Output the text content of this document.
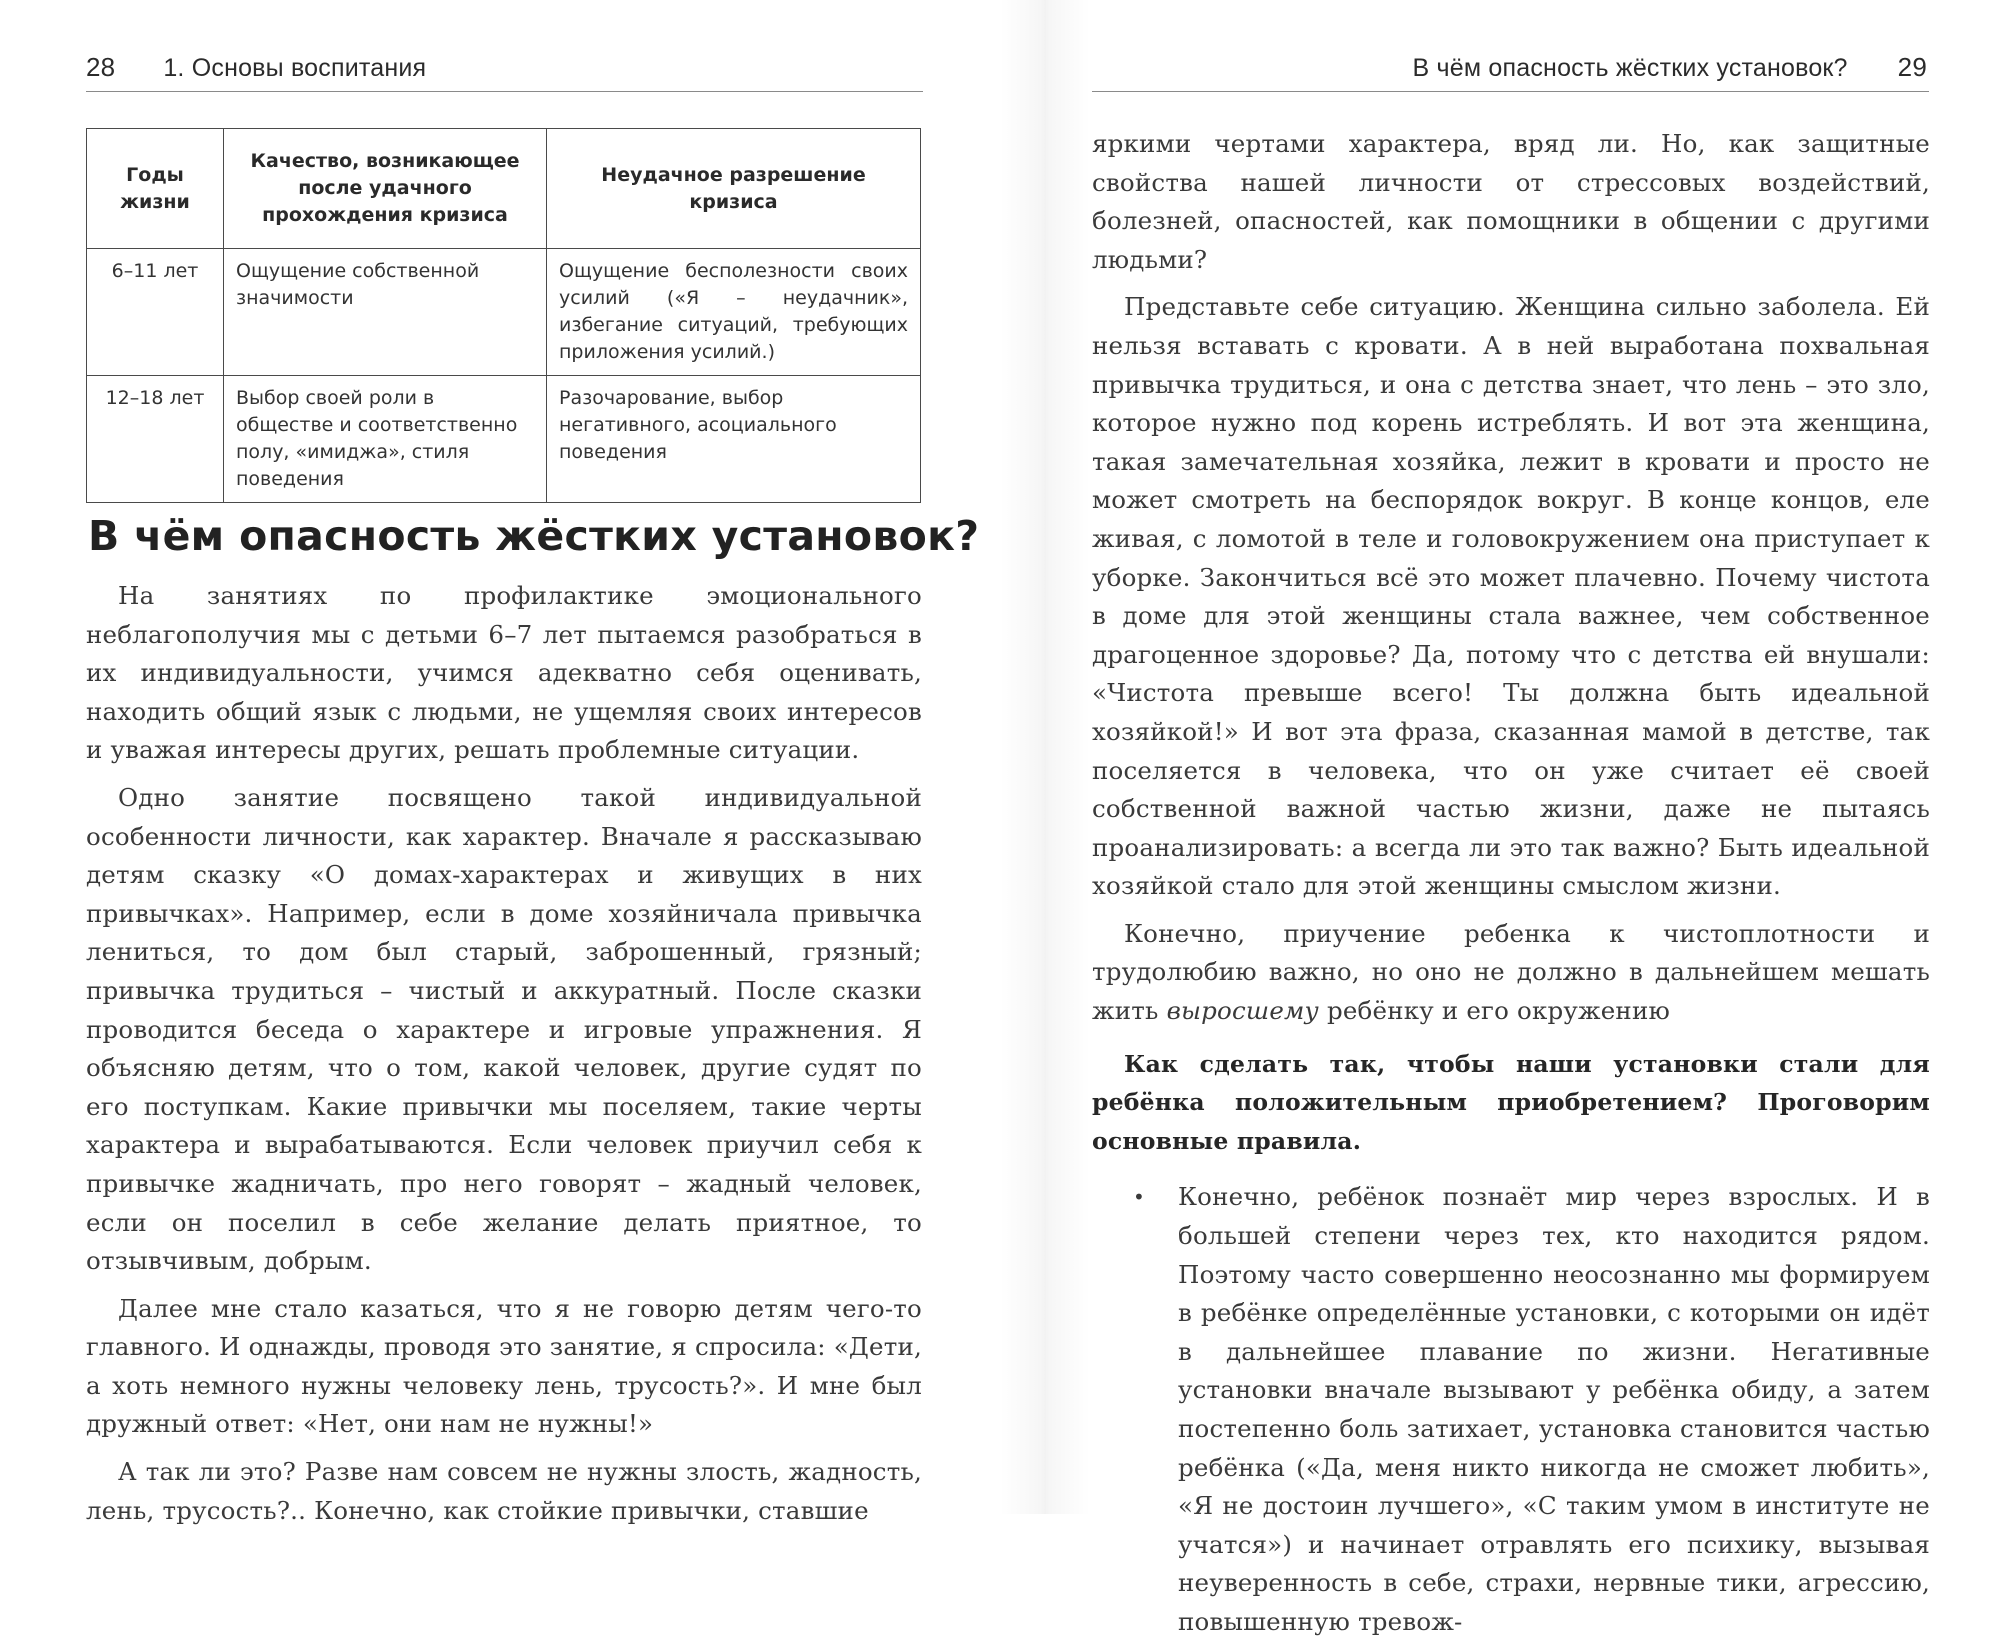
28 1. Основы воспитания
Годы жизни	Качество, возникающее после удачного прохождения кризиса	Неудачное разрешение кризиса
6–11 лет	Ощущение собственной значимости	Ощущение бесполезности своих усилий («Я – неудачник», избегание ситуаций, требующих приложения усилий.)
12–18 лет	Выбор своей роли в обществе и соответственно полу, «имиджа», стиля поведения	Разочарование, выбор негативного, асоциального поведения
В чём опасность жёстких установок?

На занятиях по профилактике эмоционального неблагополучия мы с детьми 6–7 лет пытаемся разобраться в их индивидуальности, учимся адекватно себя оценивать, находить общий язык с людьми, не ущемляя своих интересов и уважая интересы других, решать проблемные ситуации.

Одно занятие посвящено такой индивидуальной особенности личности, как характер. Вначале я рассказываю детям сказку «О домах-характерах и живущих в них привычках». Например, если в доме хозяйничала привычка лениться, то дом был старый, заброшенный, грязный; привычка трудиться – чистый и аккуратный. После сказки проводится беседа о характере и игровые упражнения. Я объясняю детям, что о том, какой человек, другие судят по его поступкам. Какие привычки мы поселяем, такие черты характера и вырабатываются. Если человек приучил себя к привычке жадничать, про него говорят – жадный человек, если он поселил в себе желание делать приятное, то отзывчивым, добрым.

Далее мне стало казаться, что я не говорю детям чего-то главного. И однажды, проводя это занятие, я спросила: «Дети, а хоть немного нужны человеку лень, трусость?». И мне был дружный ответ: «Нет, они нам не нужны!»

А так ли это? Разве нам совсем не нужны злость, жадность, лень, трусость?.. Конечно, как стойкие привычки, ставшие

В чём опасность жёстких установок? 29

яркими чертами характера, вряд ли. Но, как защитные свойства нашей личности от стрессовых воздействий, болезней, опасностей, как помощники в общении с другими людьми?

Представьте себе ситуацию. Женщина сильно заболела. Ей нельзя вставать с кровати. А в ней выработана похвальная привычка трудиться, и она с детства знает, что лень – это зло, которое нужно под корень истреблять. И вот эта женщина, такая замечательная хозяйка, лежит в кровати и просто не может смотреть на беспорядок вокруг. В конце концов, еле живая, с ломотой в теле и головокружением она приступает к уборке. Закончиться всё это может плачевно. Почему чистота в доме для этой женщины стала важнее, чем собственное драгоценное здоровье? Да, потому что с детства ей внушали: «Чистота превыше всего! Ты должна быть идеальной хозяйкой!» И вот эта фраза, сказанная мамой в детстве, так поселяется в человека, что он уже считает её своей собственной важной частью жизни, даже не пытаясь проанализировать: а всегда ли это так важно? Быть идеальной хозяйкой стало для этой женщины смыслом жизни.

Конечно, приучение ребенка к чистоплотности и трудолюбию важно, но оно не должно в дальнейшем мешать жить выросшему ребёнку и его окружению

Как сделать так, чтобы наши установки стали для ребёнка положительным приобретением? Проговорим основные правила.

• Конечно, ребёнок познаёт мир через взрослых. И в большей степени через тех, кто находится рядом. Поэтому часто совершенно неосознанно мы формируем в ребёнке определённые установки, с которыми он идёт в дальнейшее плавание по жизни. Негативные установки вначале вызывают у ребёнка обиду, а затем постепенно боль затихает, установка становится частью ребёнка («Да, меня никто никогда не сможет любить», «Я не достоин лучшего», «С таким умом в институте не учатся») и начинает отравлять его психику, вызывая неуверенность в себе, страхи, нервные тики, агрессию, повышенную тревож-
